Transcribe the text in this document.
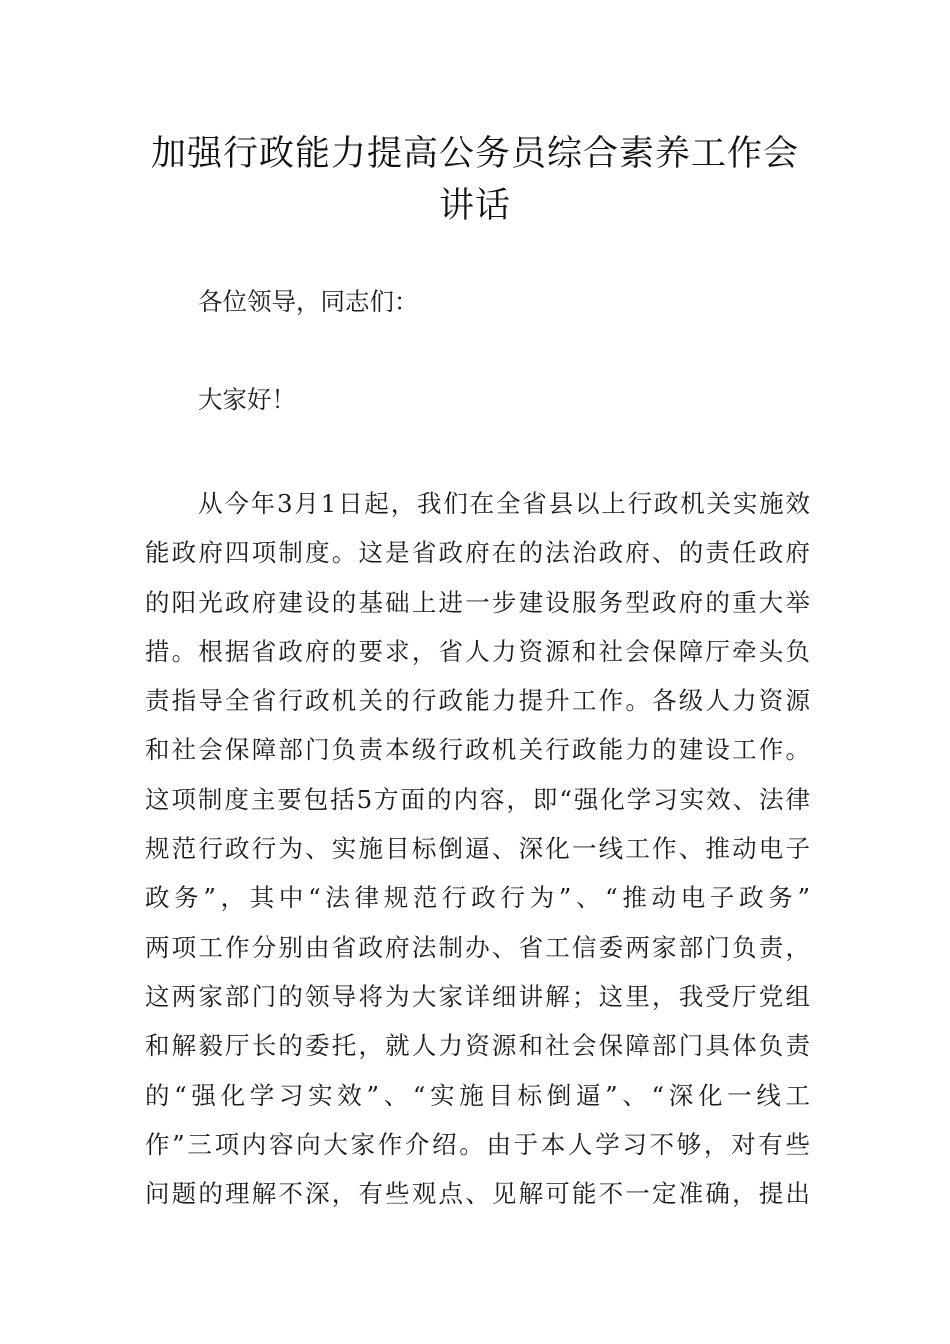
加强行政能力提高公务员综合素养工作会
讲话

各位领导，同志们：

大家好！

从今年3月1日起，我们在全省县以上行政机关实施效
能政府四项制度。这是省政府在的法治政府、的责任政府
的阳光政府建设的基础上进一步建设服务型政府的重大举
措。根据省政府的要求，省人力资源和社会保障厅牵头负
责指导全省行政机关的行政能力提升工作。各级人力资源
和社会保障部门负责本级行政机关行政能力的建设工作。
这项制度主要包括5方面的内容，即“强化学习实效、法律
规范行政行为、实施目标倒逼、深化一线工作、推动电子
政务”，其中“法律规范行政行为”、“推动电子政务”
两项工作分别由省政府法制办、省工信委两家部门负责，
这两家部门的领导将为大家详细讲解；这里，我受厅党组
和解毅厅长的委托，就人力资源和社会保障部门具体负责
的“强化学习实效”、“实施目标倒逼”、“深化一线工
作”三项内容向大家作介绍。由于本人学习不够，对有些
问题的理解不深，有些观点、见解可能不一定准确，提出
